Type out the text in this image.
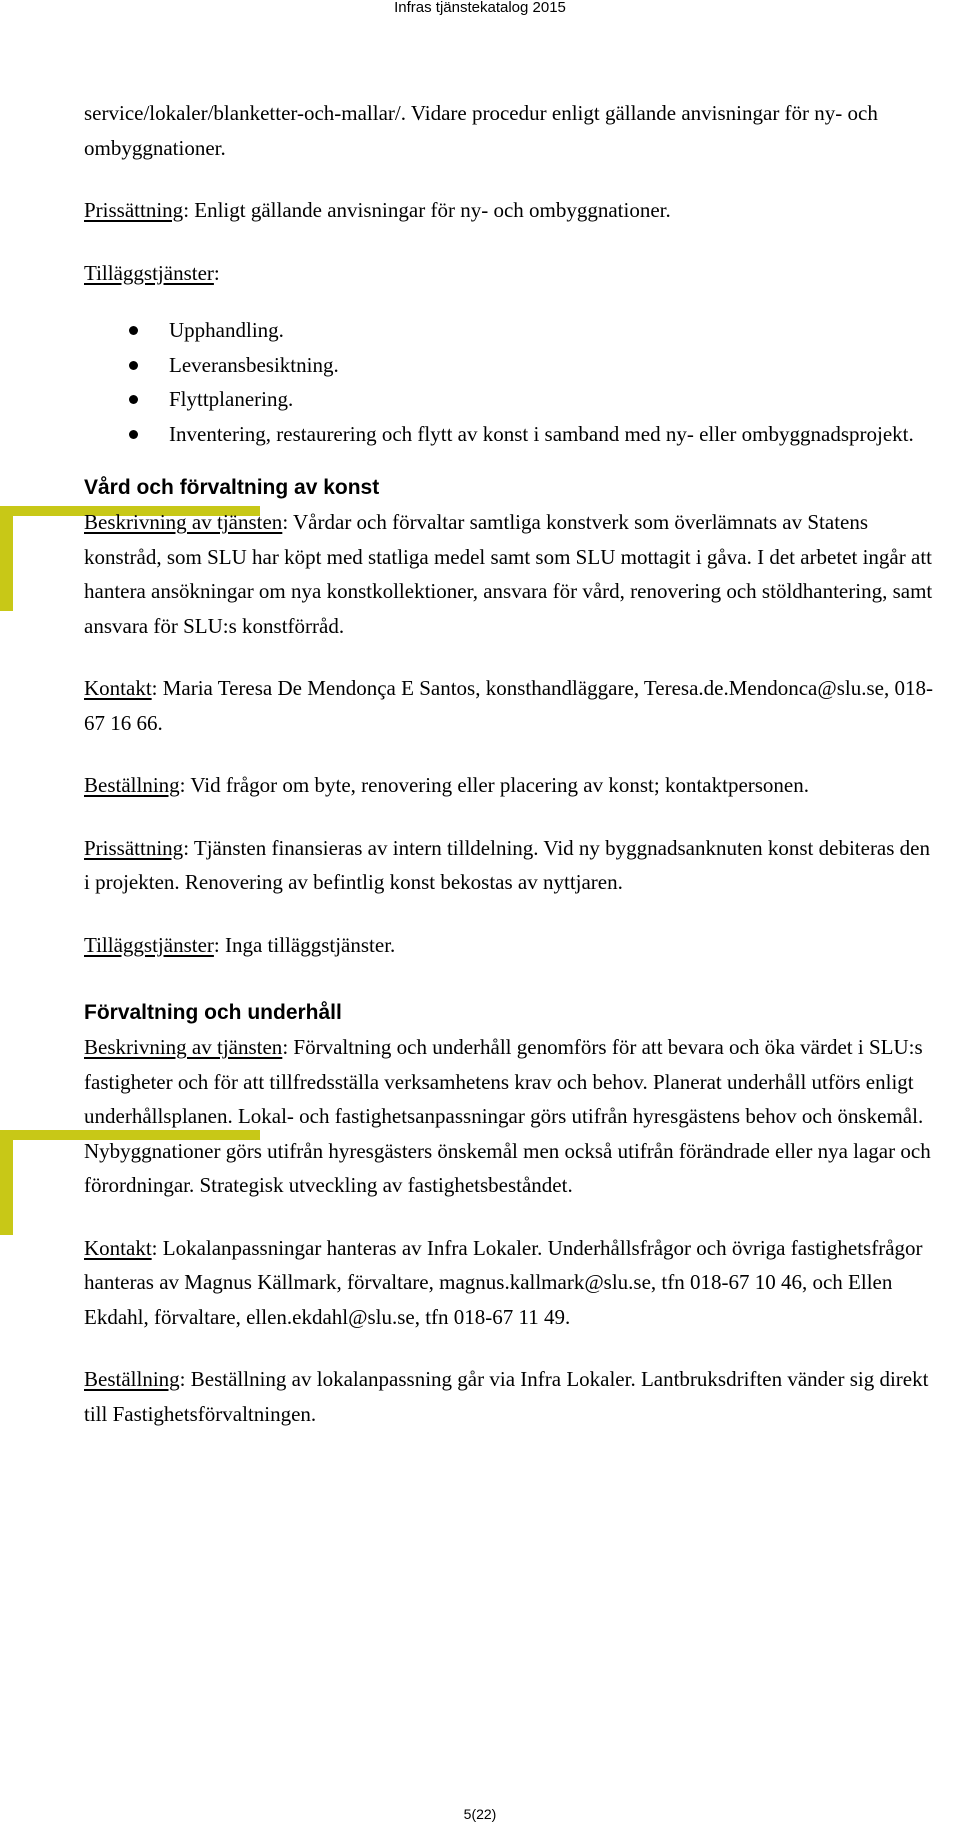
Infras tjänstekatalog 2015

service/lokaler/blanketter-och-mallar/. Vidare procedur enligt gällande anvisningar för ny- och ombyggnationer.

Prissättning: Enligt gällande anvisningar för ny- och ombyggnationer.

Tilläggstjänster:

Upphandling.
Leveransbesiktning.
Flyttplanering.
Inventering, restaurering och flytt av konst i samband med ny- eller ombyggnadsprojekt.
Vård och förvaltning av konst

Beskrivning av tjänsten: Vårdar och förvaltar samtliga konstverk som överlämnats av Statens konstråd, som SLU har köpt med statliga medel samt som SLU mottagit i gåva. I det arbetet ingår att hantera ansökningar om nya konstkollektioner, ansvara för vård, renovering och stöldhantering, samt ansvara för SLU:s konstförråd.

Kontakt: Maria Teresa De Mendonça E Santos, konsthandläggare, Teresa.de.Mendonca@slu.se, 018-67 16 66.

Beställning: Vid frågor om byte, renovering eller placering av konst; kontaktpersonen.

Prissättning: Tjänsten finansieras av intern tilldelning. Vid ny byggnadsanknuten konst debiteras den i projekten. Renovering av befintlig konst bekostas av nyttjaren.

Tilläggstjänster: Inga tilläggstjänster.

Förvaltning och underhåll

Beskrivning av tjänsten: Förvaltning och underhåll genomförs för att bevara och öka värdet i SLU:s fastigheter och för att tillfredsställa verksamhetens krav och behov. Planerat underhåll utförs enligt underhållsplanen. Lokal- och fastighetsanpassningar görs utifrån hyresgästens behov och önskemål. Nybyggnationer görs utifrån hyresgästers önskemål men också utifrån förändrade eller nya lagar och förordningar. Strategisk utveckling av fastighetsbeståndet.

Kontakt: Lokalanpassningar hanteras av Infra Lokaler. Underhållsfrågor och övriga fastighetsfrågor hanteras av Magnus Källmark, förvaltare, magnus.kallmark@slu.se, tfn 018-67 10 46, och Ellen Ekdahl, förvaltare, ellen.ekdahl@slu.se, tfn 018-67 11 49.

Beställning: Beställning av lokalanpassning går via Infra Lokaler. Lantbruksdriften vänder sig direkt till Fastighetsförvaltningen.

5(22)
